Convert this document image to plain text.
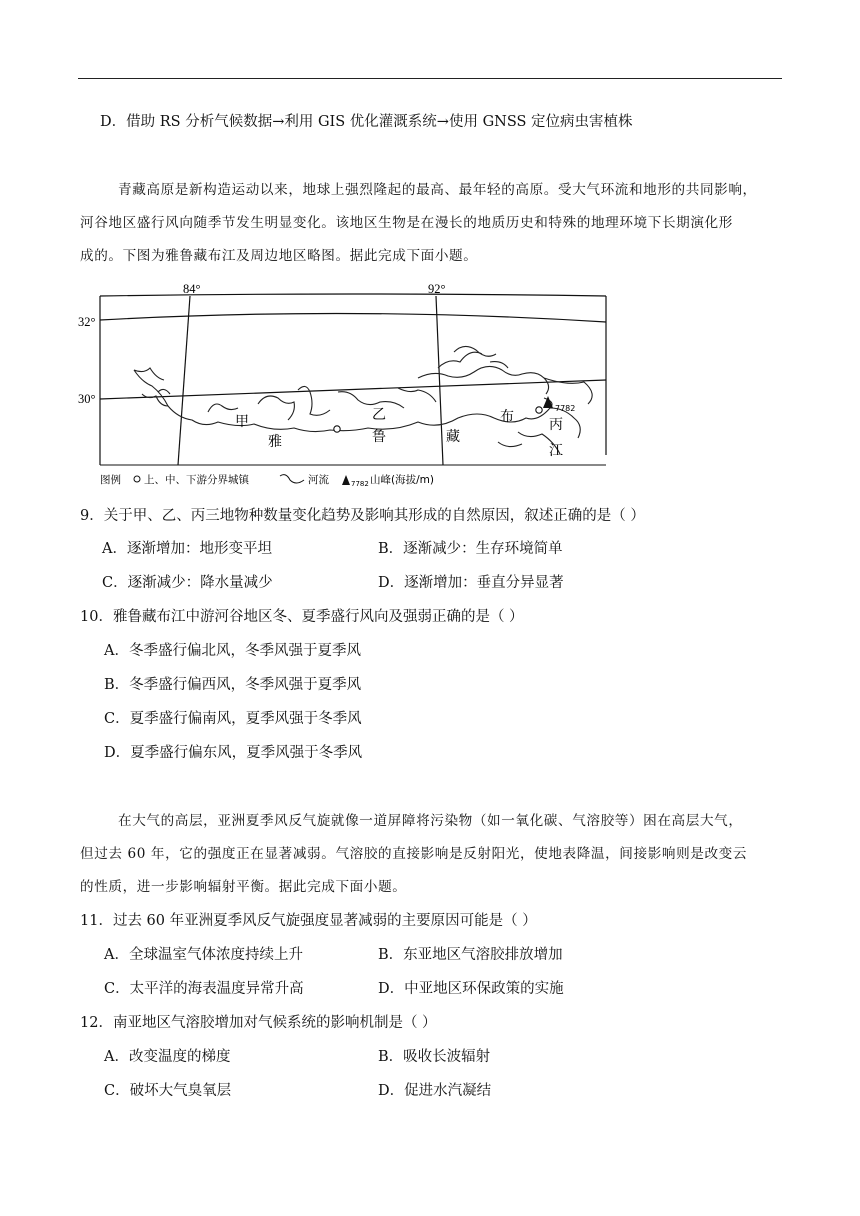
D．借助 RS 分析气候数据→利用 GIS 优化灌溉系统→使用 GNSS 定位病虫害植株
青藏高原是新构造运动以来，地球上强烈隆起的最高、最年轻的高原。受大气环流和地形的共同影响，
河谷地区盛行风向随季节发生明显变化。该地区生物是在漫长的地质历史和特殊的地理环境下长期演化形
成的。下图为雅鲁藏布江及周边地区略图。据此完成下面小题。
84°	92°
32°
30°
甲
雅
乙
鲁	藏
布	丙
江
7782
图例 上、中、下游分界城镇	河流	7782 山峰(海拔/m)
9．关于甲、乙、丙三地物种数量变化趋势及影响其形成的自然原因，叙述正确的是（ ）
A．逐渐增加：地形变平坦	B．逐渐减少：生存环境简单
C．逐渐减少：降水量减少	D．逐渐增加：垂直分异显著
10．雅鲁藏布江中游河谷地区冬、夏季盛行风向及强弱正确的是（ ）
A．冬季盛行偏北风，冬季风强于夏季风
B．冬季盛行偏西风，冬季风强于夏季风
C．夏季盛行偏南风，夏季风强于冬季风
D．夏季盛行偏东风，夏季风强于冬季风
在大气的高层，亚洲夏季风反气旋就像一道屏障将污染物（如一氧化碳、气溶胶等）困在高层大气，
但过去 60 年，它的强度正在显著减弱。气溶胶的直接影响是反射阳光，使地表降温，间接影响则是改变云
的性质，进一步影响辐射平衡。据此完成下面小题。
11．过去 60 年亚洲夏季风反气旋强度显著减弱的主要原因可能是（ ）
A．全球温室气体浓度持续上升	B．东亚地区气溶胶排放增加
C．太平洋的海表温度异常升高	D．中亚地区环保政策的实施
12．南亚地区气溶胶增加对气候系统的影响机制是（ ）
A．改变温度的梯度	B．吸收长波辐射
C．破坏大气臭氧层	D．促进水汽凝结
